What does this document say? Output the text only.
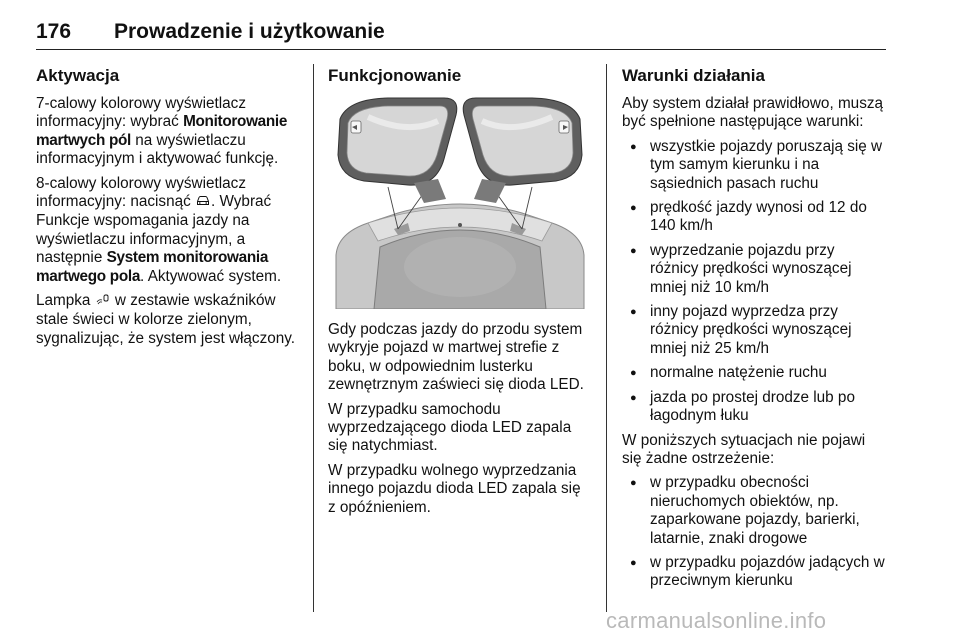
176 Prowadzenie i użytkowanie
Aktywacja

7-calowy kolorowy wyświetlacz informacyjny: wybrać Monitorowanie martwych pól na wyświetlaczu informacyjnym i aktywować funkcję.

8-calowy kolorowy wyświetlacz informacyjny: nacisnąć . Wybrać Funkcje wspomagania jazdy na wyświetlaczu informacyjnym, a następnie System monitorowania martwego pola. Aktywować system.

Lampka  w zestawie wskaźników stale świeci w kolorze zielonym, sygnalizując, że system jest włączony.

Funkcjonowanie

Gdy podczas jazdy do przodu system wykryje pojazd w martwej strefie z boku, w odpowiednim lusterku zewnętrznym zaświeci się dioda LED.

W przypadku samochodu wyprzedzającego dioda LED zapala się natychmiast.

W przypadku wolnego wyprzedzania innego pojazdu dioda LED zapala się z opóźnieniem.

Warunki działania

Aby system działał prawidłowo, muszą być spełnione następujące warunki:

● wszystkie pojazdy poruszają się w tym samym kierunku i na sąsiednich pasach ruchu
● prędkość jazdy wynosi od 12 do 140 km/h
● wyprzedzanie pojazdu przy różnicy prędkości wynoszącej mniej niż 10 km/h
● inny pojazd wyprzedza przy różnicy prędkości wynoszącej mniej niż 25 km/h
● normalne natężenie ruchu
● jazda po prostej drodze lub po łagodnym łuku

W poniższych sytuacjach nie pojawi się żadne ostrzeżenie:

● w przypadku obecności nieruchomych obiektów, np. zaparkowane pojazdy, barierki, latarnie, znaki drogowe
● w przypadku pojazdów jadących w przeciwnym kierunku
carmanualsonline.info
